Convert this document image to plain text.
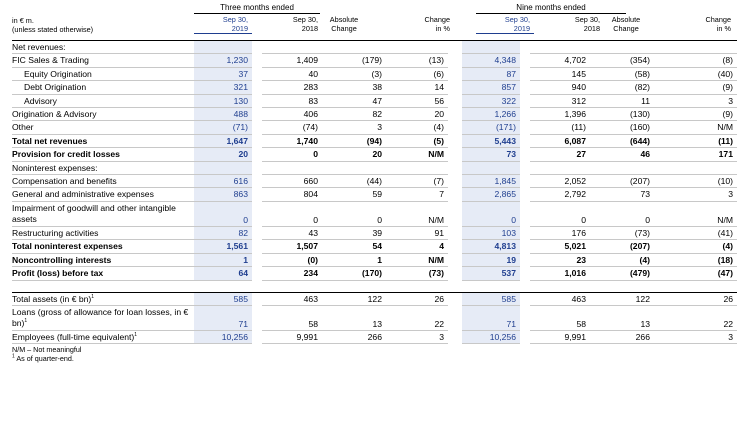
in € m.
(unless stated otherwise)
Three months ended	Nine months ended
Sep 30,
2019
Sep 30,
2018
Absolute
Change
Change
in %
Sep 30,
2019
Sep 30,
2018
Absolute
Change
Change
in %
Net revenues:											
FIC Sales & Trading	1,230		1,409	(179)	(13)		4,348		4,702	(354)	(8)
Equity Origination	37		40	(3)	(6)		87		145	(58)	(40)
Debt Origination	321		283	38	14		857		940	(82)	(9)
Advisory	130		83	47	56		322		312	11	3
Origination & Advisory	488		406	82	20		1,266		1,396	(130)	(9)
Other	(71)		(74)	3	(4)		(171)		(11)	(160)	N/M
Total net revenues	1,647		1,740	(94)	(5)		5,443		6,087	(644)	(11)
Provision for credit losses	20		0	20	N/M		73		27	46	171
Noninterest expenses:											
Compensation and benefits	616		660	(44)	(7)		1,845		2,052	(207)	(10)
General and administrative expenses	863		804	59	7		2,865		2,792	73	3
Impairment of goodwill and other intangible assets	0		0	0	N/M		0		0	0	N/M
Restructuring activities	82		43	39	91		103		176	(73)	(41)
Total noninterest expenses	1,561		1,507	54	4		4,813		5,021	(207)	(4)
Noncontrolling interests	1		(0)	1	N/M		19		23	(4)	(18)
Profit (loss) before tax	64		234	(170)	(73)		537		1,016	(479)	(47)

Total assets (in € bn)$^1$	585		463	122	26		585		463	122	26
Loans (gross of allowance for loan losses, in € bn)$^1$	71		58	13	22		71		58	13	22
Employees (full-time equivalent)$^1$	10,256		9,991	266	3		10,256		9,991	266	3
N/M – Not meaningful
$^1$ As of quarter-end.
